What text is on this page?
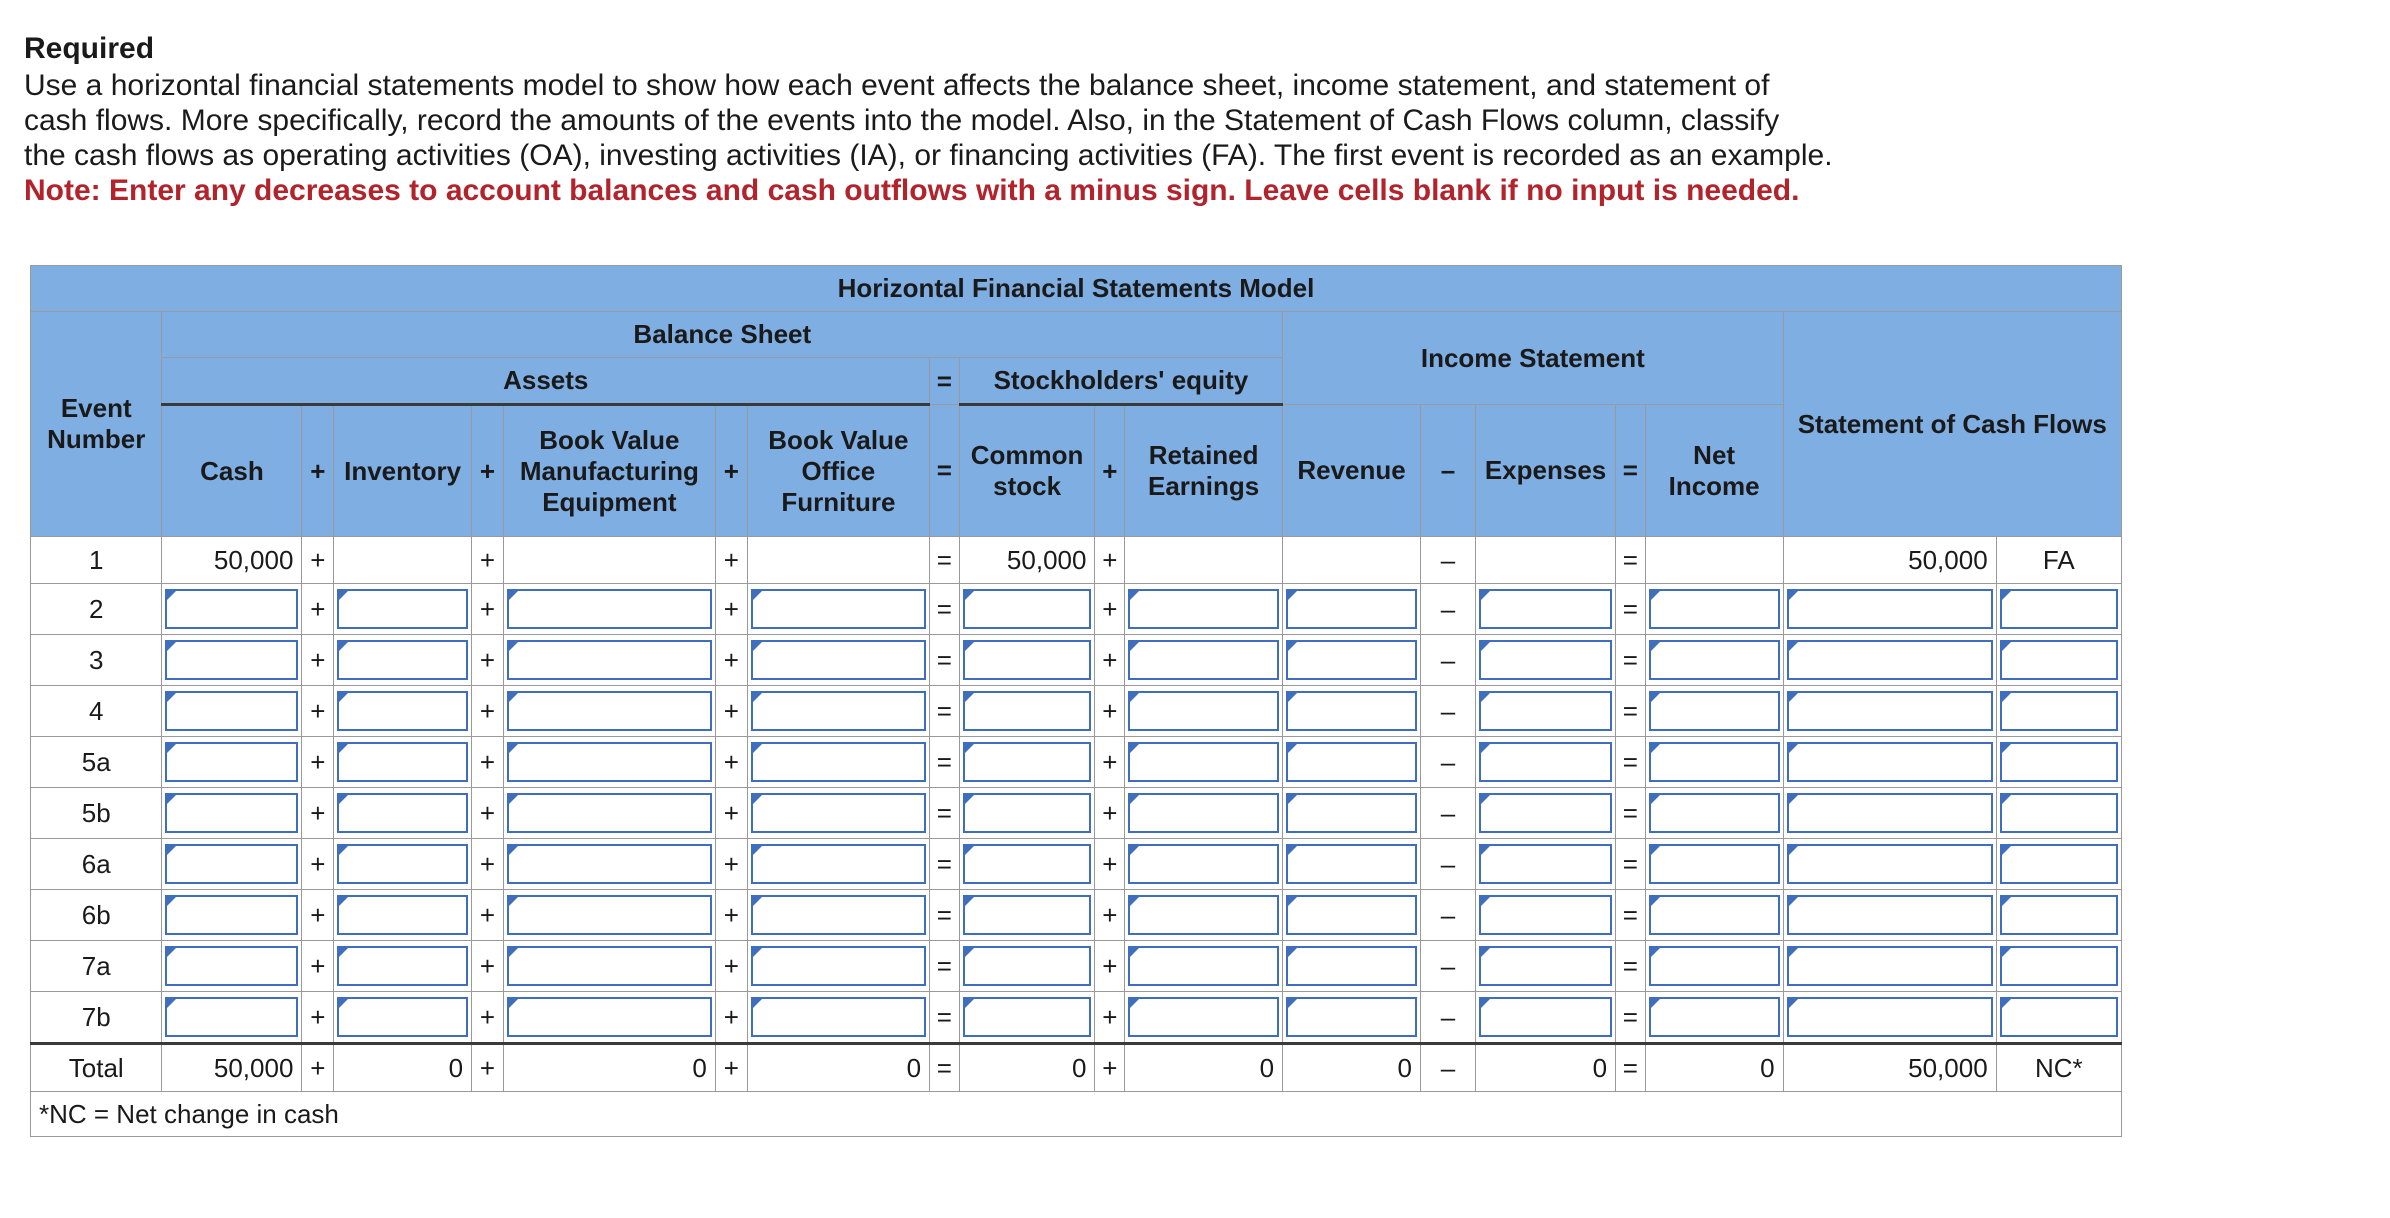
Required

Use a horizontal financial statements model to show how each event affects the balance sheet, income statement, and statement of

cash flows. More specifically, record the amounts of the events into the model. Also, in the Statement of Cash Flows column, classify

the cash flows as operating activities (OA), investing activities (IA), or financing activities (FA). The first event is recorded as an example.

Note: Enter any decreases to account balances and cash outflows with a minus sign. Leave cells blank if no input is needed.

Horizontal Financial Statements Model																		
Event Number	Balance Sheet											Income Statement					Statement of Cash Flows	
	Assets							=	Stockholders' equity									
	Cash	+	Inventory	+	Book Value Manufacturing Equipment	+	Book Value Office Furniture	=	Common stock	+	Retained Earnings	Revenue	–	Expenses	=	Net Income		
1	50,000	+		+		+		=	50,000	+			–		=		50,000	FA
2		+		+		+		=		+			–		=	

3		+		+		+		=		+			–		=	

4		+		+		+		=		+			–		=	

5a		+		+		+		=		+			–		=	

5b		+		+		+		=		+			–		=	

6a		+		+		+		=		+			–		=	

6b		+		+		+		=		+			–		=	

7a		+		+		+		=		+			–		=	

7b		+		+		+		=		+			–		=	

Total	50,000	+	0	+	0	+	0	=	0	+	0	0	–	0	=	0	50,000	NC*
*NC = Net change in cash																		
